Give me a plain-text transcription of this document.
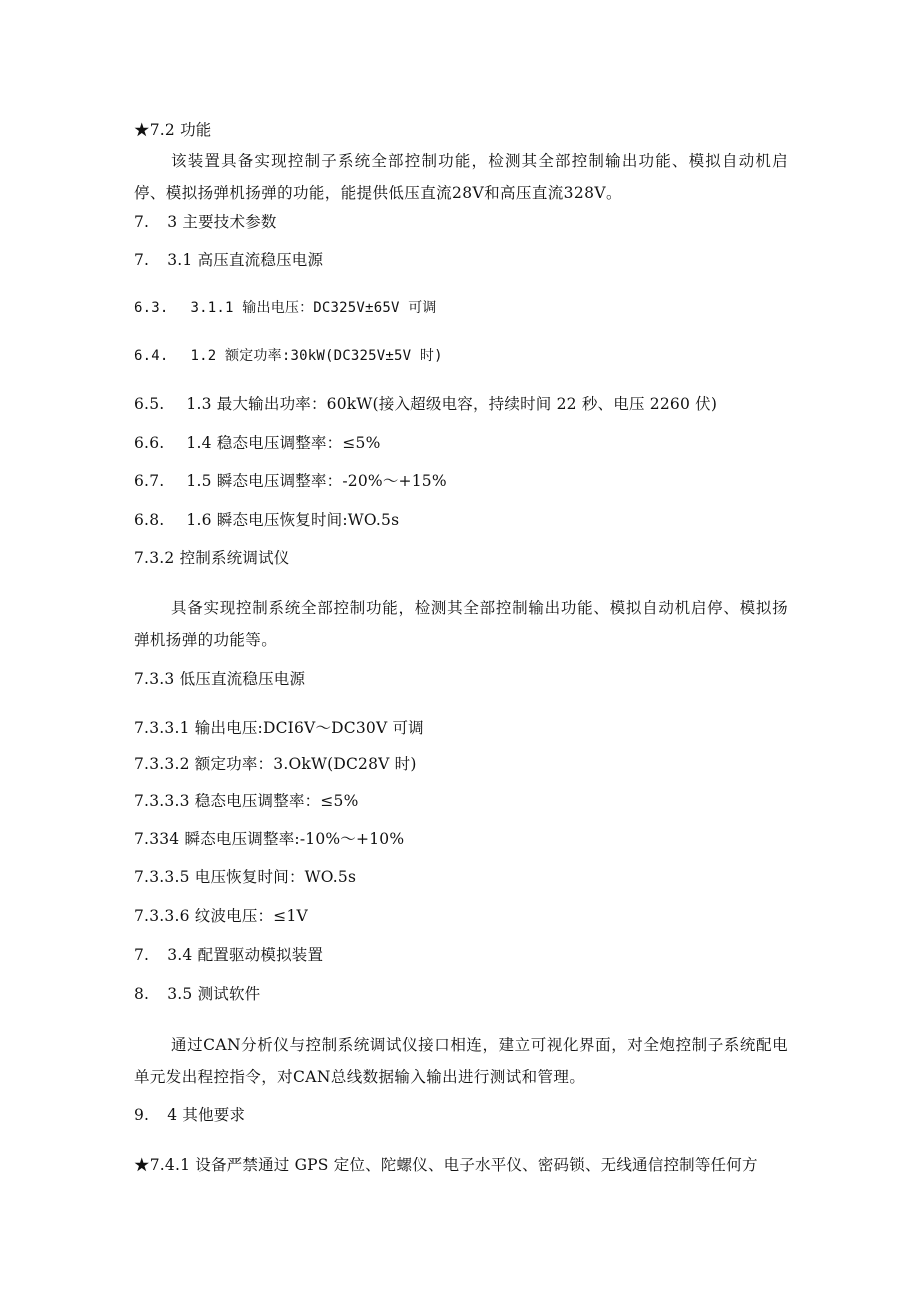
★7.2 功能

该装置具备实现控制子系统全部控制功能，检测其全部控制输出功能、模拟自动机启停、模拟扬弹机扬弹的功能，能提供低压直流28V和高压直流328V。

7. 3 主要技术参数

7. 3.1 高压直流稳压电源

6.3. 3.1.1 输出电压：DC325V±65V 可调

6.4. 1.2 额定功率:30kW(DC325V±5V 时)

6.5. 1.3 最大输出功率：60kW(接入超级电容，持续时间 22 秒、电压 2260 伏)

6.6. 1.4 稳态电压调整率：≤5%

6.7. 1.5 瞬态电压调整率：-20%～+15%

6.8. 1.6 瞬态电压恢复时间:WO.5s

7.3.2 控制系统调试仪

具备实现控制系统全部控制功能，检测其全部控制输出功能、模拟自动机启停、模拟扬弹机扬弹的功能等。

7.3.3 低压直流稳压电源

7.3.3.1 输出电压:DCI6V～DC30V 可调

7.3.3.2 额定功率：3.OkW(DC28V 时)

7.3.3.3 稳态电压调整率：≤5%

7.334 瞬态电压调整率:-10%～+10%

7.3.3.5 电压恢复时间：WO.5s

7.3.3.6 纹波电压：≤1V

7. 3.4 配置驱动模拟装置

8. 3.5 测试软件

通过CAN分析仪与控制系统调试仪接口相连，建立可视化界面，对全炮控制子系统配电单元发出程控指令，对CAN总线数据输入输出进行测试和管理。

9. 4 其他要求

★7.4.1 设备严禁通过 GPS 定位、陀螺仪、电子水平仪、密码锁、无线通信控制等任何方
